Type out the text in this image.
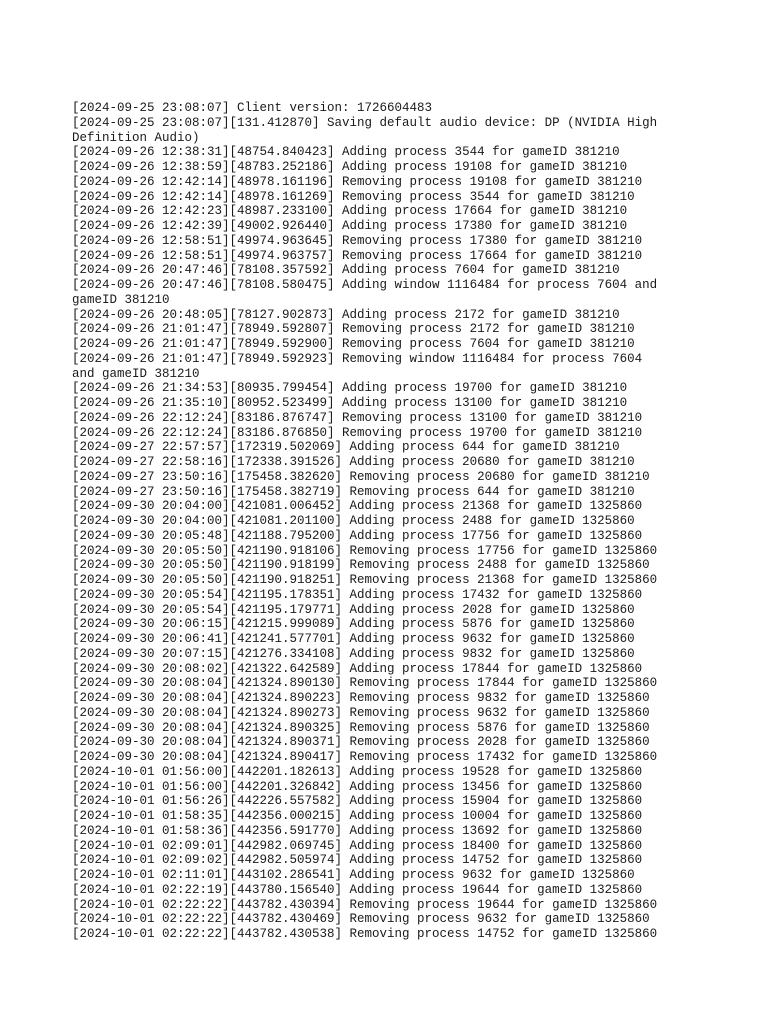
[2024-09-25 23:08:07] Client version: 1726604483
[2024-09-25 23:08:07][131.412870] Saving default audio device: DP (NVIDIA High Definition Audio)
[2024-09-26 12:38:31][48754.840423] Adding process 3544 for gameID 381210
[2024-09-26 12:38:59][48783.252186] Adding process 19108 for gameID 381210
[2024-09-26 12:42:14][48978.161196] Removing process 19108 for gameID 381210
[2024-09-26 12:42:14][48978.161269] Removing process 3544 for gameID 381210
[2024-09-26 12:42:23][48987.233100] Adding process 17664 for gameID 381210
[2024-09-26 12:42:39][49002.926440] Adding process 17380 for gameID 381210
[2024-09-26 12:58:51][49974.963645] Removing process 17380 for gameID 381210
[2024-09-26 12:58:51][49974.963757] Removing process 17664 for gameID 381210
[2024-09-26 20:47:46][78108.357592] Adding process 7604 for gameID 381210
[2024-09-26 20:47:46][78108.580475] Adding window 1116484 for process 7604 and gameID 381210
[2024-09-26 20:48:05][78127.902873] Adding process 2172 for gameID 381210
[2024-09-26 21:01:47][78949.592807] Removing process 2172 for gameID 381210
[2024-09-26 21:01:47][78949.592900] Removing process 7604 for gameID 381210
[2024-09-26 21:01:47][78949.592923] Removing window 1116484 for process 7604 and gameID 381210
[2024-09-26 21:34:53][80935.799454] Adding process 19700 for gameID 381210
[2024-09-26 21:35:10][80952.523499] Adding process 13100 for gameID 381210
[2024-09-26 22:12:24][83186.876747] Removing process 13100 for gameID 381210
[2024-09-26 22:12:24][83186.876850] Removing process 19700 for gameID 381210
[2024-09-27 22:57:57][172319.502069] Adding process 644 for gameID 381210
[2024-09-27 22:58:16][172338.391526] Adding process 20680 for gameID 381210
[2024-09-27 23:50:16][175458.382620] Removing process 20680 for gameID 381210
[2024-09-27 23:50:16][175458.382719] Removing process 644 for gameID 381210
[2024-09-30 20:04:00][421081.006452] Adding process 21368 for gameID 1325860
[2024-09-30 20:04:00][421081.201100] Adding process 2488 for gameID 1325860
[2024-09-30 20:05:48][421188.795200] Adding process 17756 for gameID 1325860
[2024-09-30 20:05:50][421190.918106] Removing process 17756 for gameID 1325860
[2024-09-30 20:05:50][421190.918199] Removing process 2488 for gameID 1325860
[2024-09-30 20:05:50][421190.918251] Removing process 21368 for gameID 1325860
[2024-09-30 20:05:54][421195.178351] Adding process 17432 for gameID 1325860
[2024-09-30 20:05:54][421195.179771] Adding process 2028 for gameID 1325860
[2024-09-30 20:06:15][421215.999089] Adding process 5876 for gameID 1325860
[2024-09-30 20:06:41][421241.577701] Adding process 9632 for gameID 1325860
[2024-09-30 20:07:15][421276.334108] Adding process 9832 for gameID 1325860
[2024-09-30 20:08:02][421322.642589] Adding process 17844 for gameID 1325860
[2024-09-30 20:08:04][421324.890130] Removing process 17844 for gameID 1325860
[2024-09-30 20:08:04][421324.890223] Removing process 9832 for gameID 1325860
[2024-09-30 20:08:04][421324.890273] Removing process 9632 for gameID 1325860
[2024-09-30 20:08:04][421324.890325] Removing process 5876 for gameID 1325860
[2024-09-30 20:08:04][421324.890371] Removing process 2028 for gameID 1325860
[2024-09-30 20:08:04][421324.890417] Removing process 17432 for gameID 1325860
[2024-10-01 01:56:00][442201.182613] Adding process 19528 for gameID 1325860
[2024-10-01 01:56:00][442201.326842] Adding process 13456 for gameID 1325860
[2024-10-01 01:56:26][442226.557582] Adding process 15904 for gameID 1325860
[2024-10-01 01:58:35][442356.000215] Adding process 10004 for gameID 1325860
[2024-10-01 01:58:36][442356.591770] Adding process 13692 for gameID 1325860
[2024-10-01 02:09:01][442982.069745] Adding process 18400 for gameID 1325860
[2024-10-01 02:09:02][442982.505974] Adding process 14752 for gameID 1325860
[2024-10-01 02:11:01][443102.286541] Adding process 9632 for gameID 1325860
[2024-10-01 02:22:19][443780.156540] Adding process 19644 for gameID 1325860
[2024-10-01 02:22:22][443782.430394] Removing process 19644 for gameID 1325860
[2024-10-01 02:22:22][443782.430469] Removing process 9632 for gameID 1325860
[2024-10-01 02:22:22][443782.430538] Removing process 14752 for gameID 1325860
